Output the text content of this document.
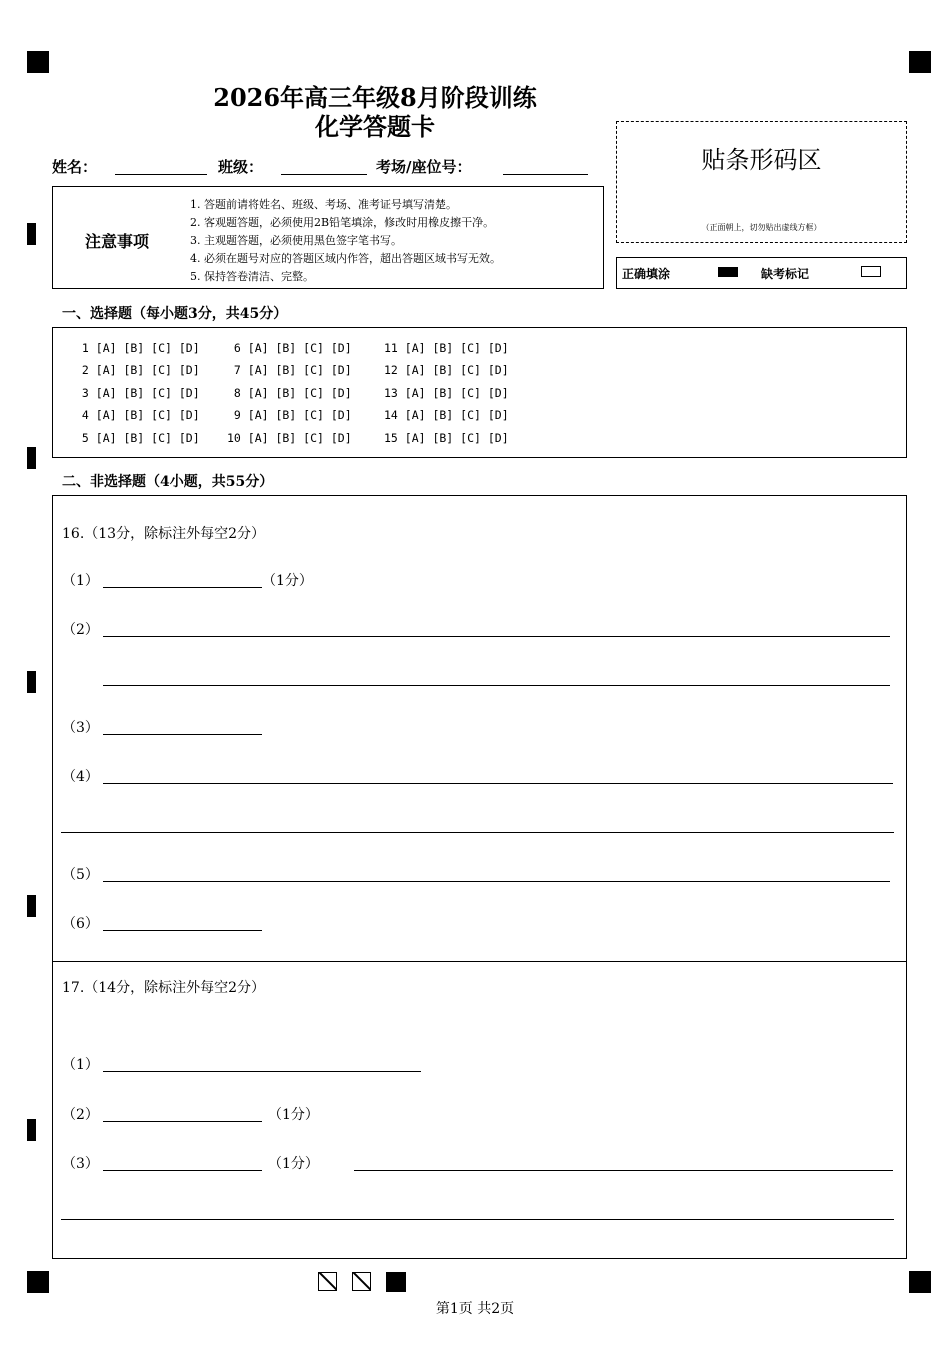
2026年高三年级8月阶段训练
化学答题卡
姓名：	班级：	考场/座位号：
注意事项
1. 答题前请将姓名、班级、考场、准考证号填写清楚。
2. 客观题答题，必须使用2B铅笔填涂，修改时用橡皮擦干净。
3. 主观题答题，必须使用黑色签字笔书写。
4. 必须在题号对应的答题区域内作答，超出答题区域书写无效。
5. 保持答卷清洁、完整。
贴条形码区
（正面朝上，切勿贴出虚线方框）
正确填涂	缺考标记
一、选择题（每小题3分，共45分）
1 [A] [B] [C] [D] 6 [A] [B] [C] [D]	11 [A] [B] [C] [D]
2 [A] [B] [C] [D] 7 [A] [B] [C] [D]	12 [A] [B] [C] [D]
3 [A] [B] [C] [D] 8 [A] [B] [C] [D]	13 [A] [B] [C] [D]
4 [A] [B] [C] [D] 9 [A] [B] [C] [D]	14 [A] [B] [C] [D]
5 [A] [B] [C] [D] 10 [A] [B] [C] [D]	15 [A] [B] [C] [D]
二、非选择题（4小题，共55分）
16.（13分，除标注外每空2分）
（1）	（1分）
（2）
（3）
（4）
（5）
（6）
17.（14分，除标注外每空2分）
（1）
（2）	（1分）
（3）	（1分）
第1页 共2页
